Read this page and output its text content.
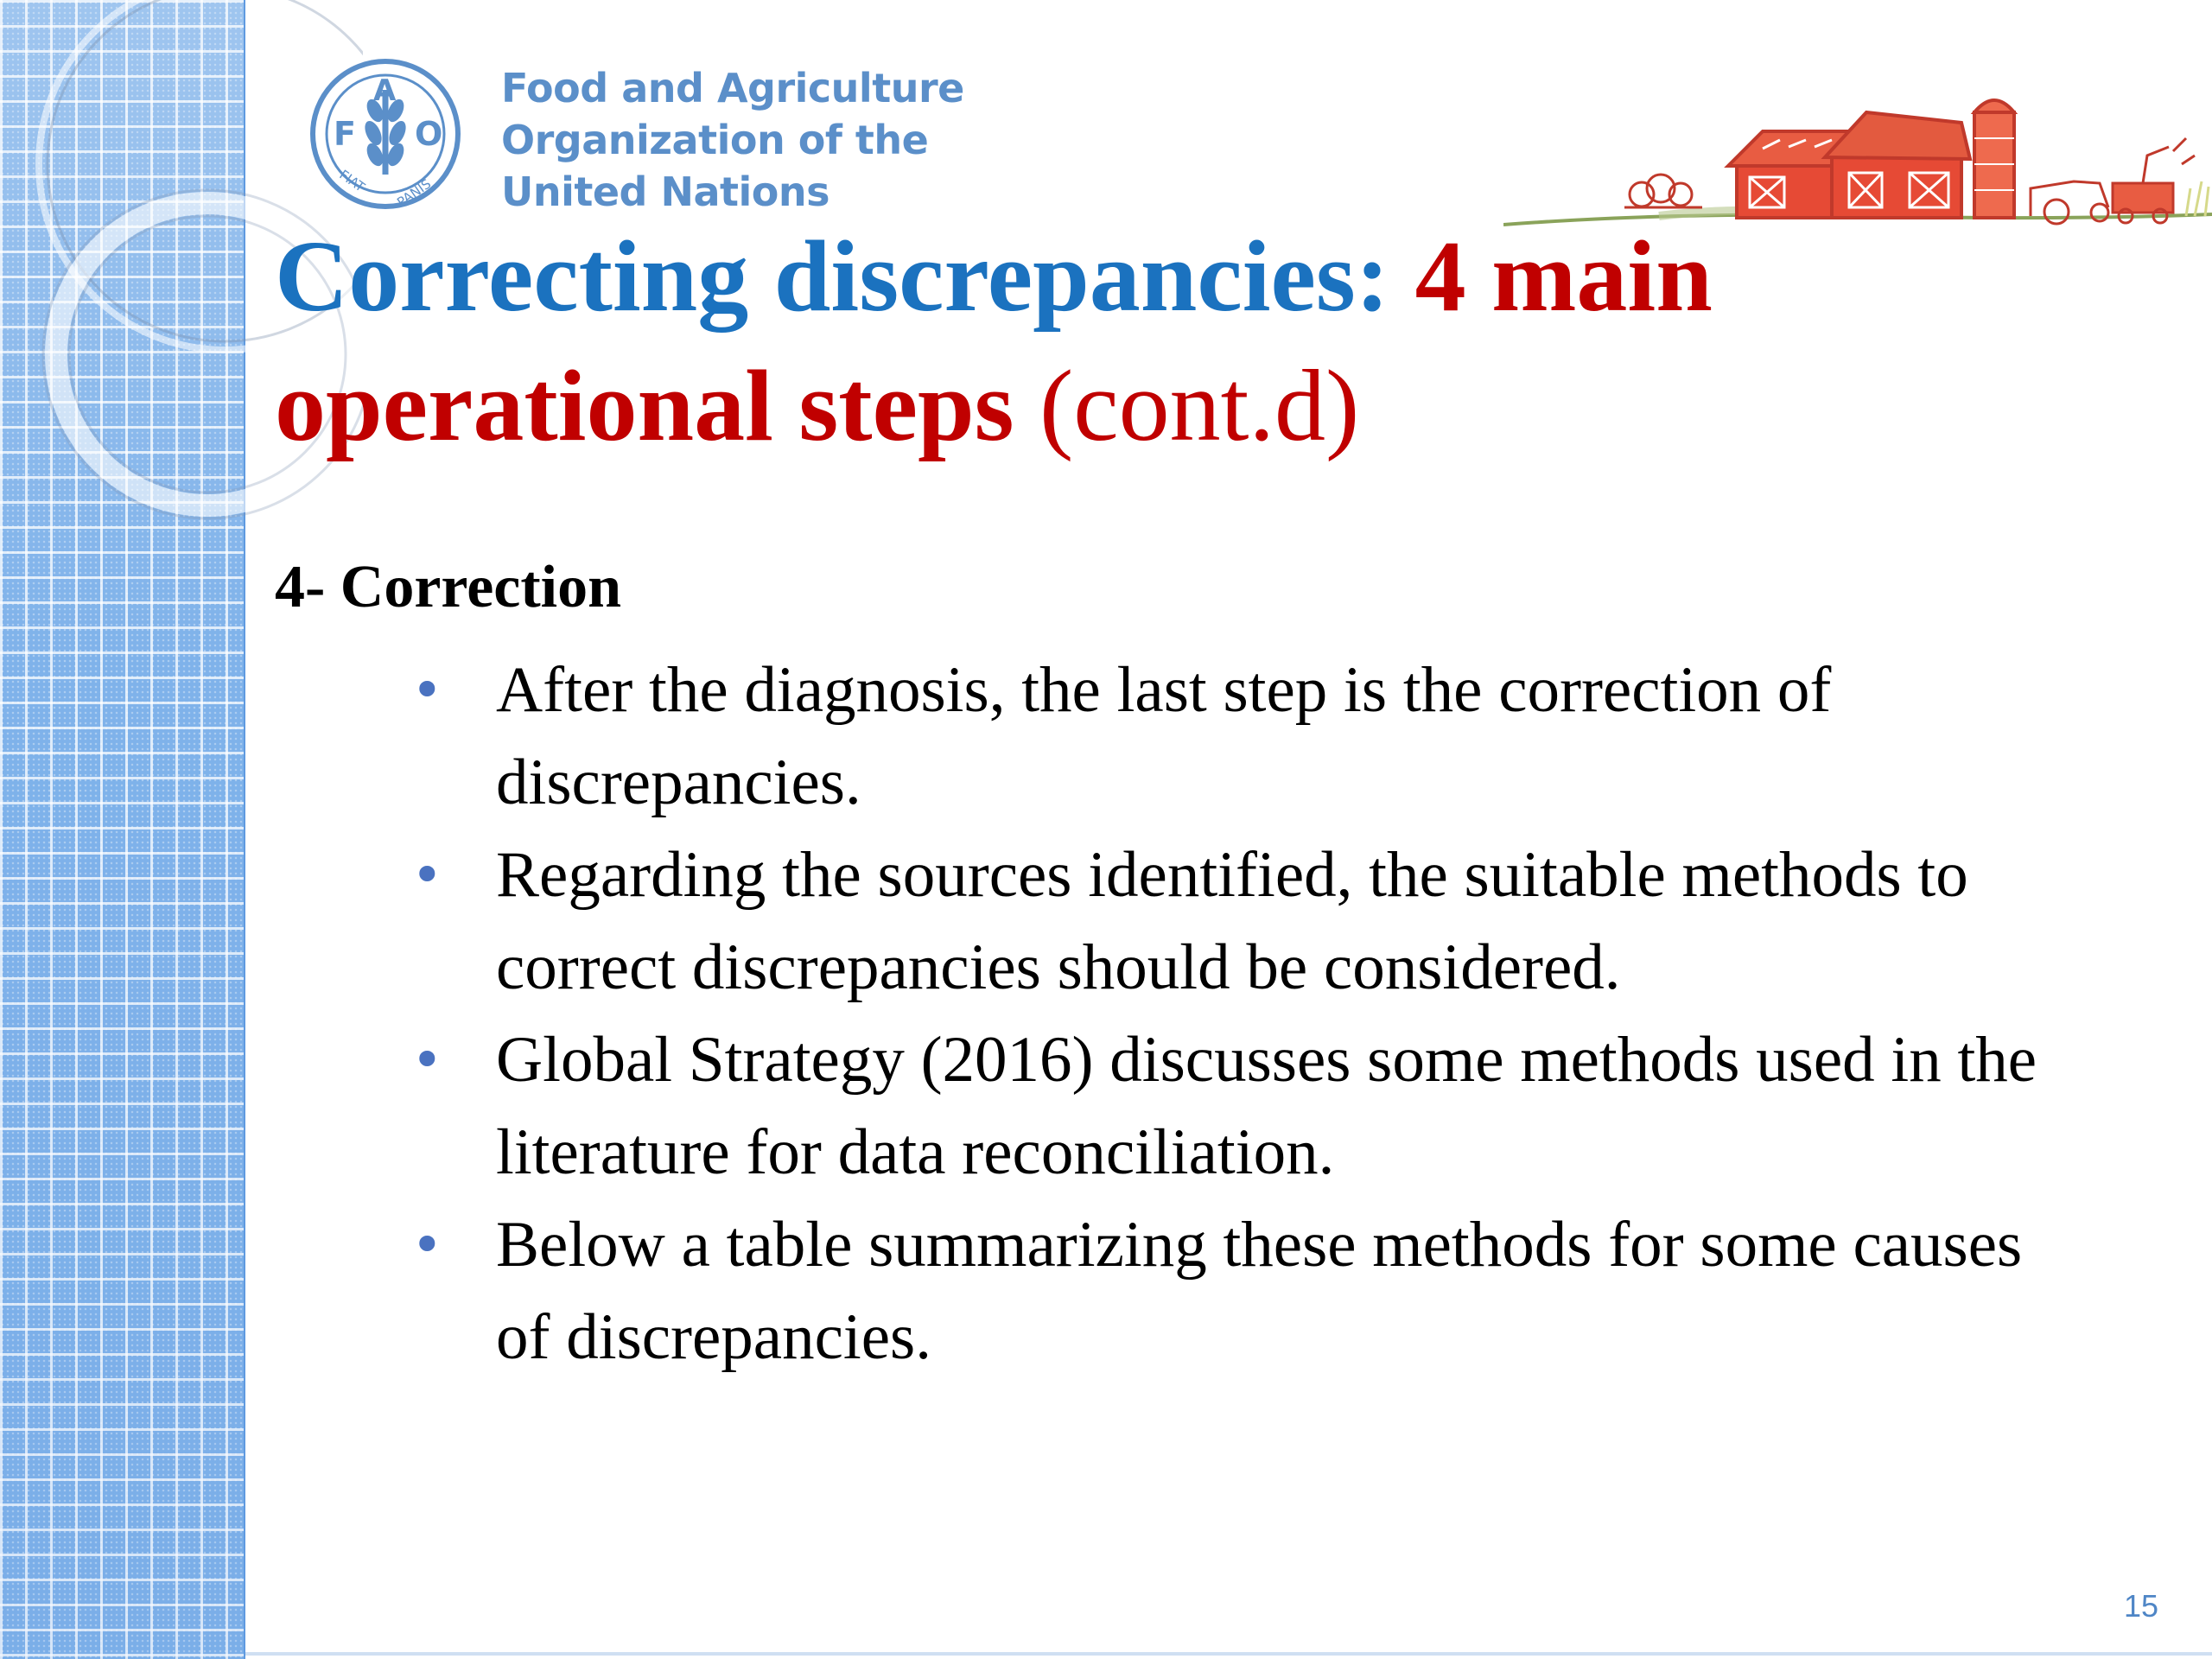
F
A
O
FIAT PANIS
Food and Agriculture
Organization of the
United Nations
Correcting discrepancies: 4 main operational steps (cont.d)
4- Correction
• After the diagnosis, the last step is the correction of discrepancies.
• Regarding the sources identified, the suitable methods to correct discrepancies should be considered.
• Global Strategy (2016) discusses some methods used in the literature for data reconciliation.
• Below a table summarizing these methods for some causes of discrepancies.
15
